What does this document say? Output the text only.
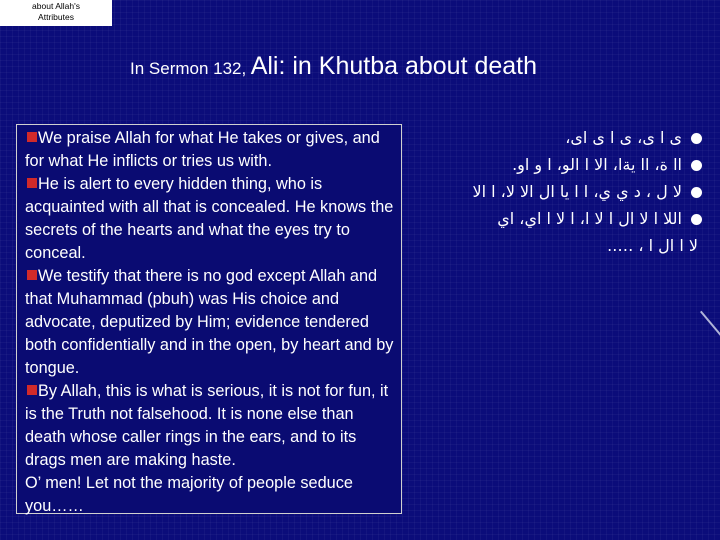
about Allah's
Attributes
In Sermon 132, Ali: in Khutba about death
We praise Allah for what He takes or gives, and for what He inflicts or tries us with.
He is alert to every hidden thing, who is acquainted with all that is concealed. He knows the secrets of the hearts and what the eyes try to conceal.
We testify that there is no god except Allah and that Muhammad (pbuh) was His choice and advocate, deputized by Him; evidence tendered both confidentially and in the open, by heart and by tongue.
By Allah, this is what is serious, it is not for fun, it is the Truth not falsehood. It is none else than death whose caller rings in the ears, and to its drags men are making haste.
O’ men! Let not the majority of people seduce you……
ى ا ى، ى ا ى اى،
اا ة، اا يةا، الا ا الو، ا و او.
لا ل ، د ي ي، ا ا يا ال الا لا، ا الا
اللا ا لا ال ا لا ا، ا لا ا اي، اي
لا ا ال ا ، …..
